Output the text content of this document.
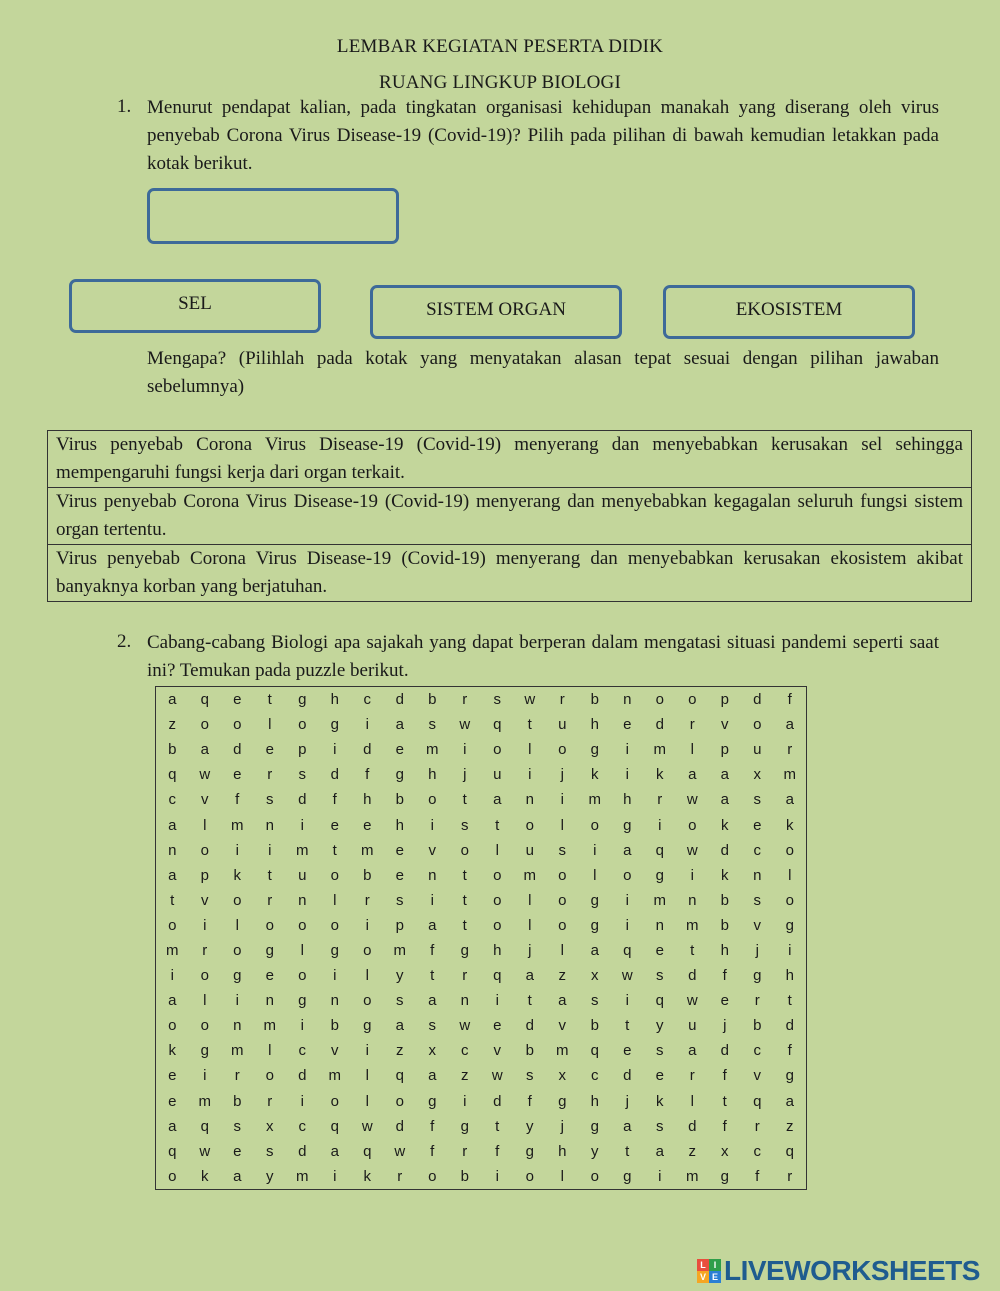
LEMBAR KEGIATAN PESERTA DIDIK
RUANG LINGKUP BIOLOGI
1. Menurut pendapat kalian, pada tingkatan organisasi kehidupan manakah yang diserang oleh virus penyebab Corona Virus Disease-19 (Covid-19)? Pilih pada pilihan di bawah kemudian letakkan pada kotak berikut.
SEL	SISTEM ORGAN	EKOSISTEM
Mengapa? (Pilihlah pada kotak yang menyatakan alasan tepat sesuai dengan pilihan jawaban sebelumnya)
Virus penyebab Corona Virus Disease-19 (Covid-19) menyerang dan menyebabkan kerusakan sel sehingga mempengaruhi fungsi kerja dari organ terkait.
Virus penyebab Corona Virus Disease-19 (Covid-19) menyerang dan menyebabkan kegagalan seluruh fungsi sistem organ tertentu.
Virus penyebab Corona Virus Disease-19 (Covid-19) menyerang dan menyebabkan kerusakan ekosistem akibat banyaknya korban yang berjatuhan.
2. Cabang-cabang Biologi apa sajakah yang dapat berperan dalam mengatasi situasi pandemi seperti saat ini? Temukan pada puzzle berikut.
a	q	e	t	g	h	c	d	b	r	s	w	r	b	n	o	o	p	d	f
z	o	o	l	o	g	i	a	s	w	q	t	u	h	e	d	r	v	o	a
b	a	d	e	p	i	d	e	m	i	o	l	o	g	i	m	l	p	u	r
q	w	e	r	s	d	f	g	h	j	u	i	j	k	i	k	a	a	x	m
c	v	f	s	d	f	h	b	o	t	a	n	i	m	h	r	w	a	s	a
a	l	m	n	i	e	e	h	i	s	t	o	l	o	g	i	o	k	e	k
n	o	i	i	m	t	m	e	v	o	l	u	s	i	a	q	w	d	c	o
a	p	k	t	u	o	b	e	n	t	o	m	o	l	o	g	i	k	n	l
t	v	o	r	n	l	r	s	i	t	o	l	o	g	i	m	n	b	s	o
o	i	l	o	o	o	i	p	a	t	o	l	o	g	i	n	m	b	v	g
m	r	o	g	l	g	o	m	f	g	h	j	l	a	q	e	t	h	j	i
i	o	g	e	o	i	l	y	t	r	q	a	z	x	w	s	d	f	g	h
a	l	i	n	g	n	o	s	a	n	i	t	a	s	i	q	w	e	r	t
o	o	n	m	i	b	g	a	s	w	e	d	v	b	t	y	u	j	b	d
k	g	m	l	c	v	i	z	x	c	v	b	m	q	e	s	a	d	c	f
e	i	r	o	d	m	l	q	a	z	w	s	x	c	d	e	r	f	v	g
e	m	b	r	i	o	l	o	g	i	d	f	g	h	j	k	l	t	q	a
a	q	s	x	c	q	w	d	f	g	t	y	j	g	a	s	d	f	r	z
q	w	e	s	d	a	q	w	f	r	f	g	h	y	t	a	z	x	c	q
o	k	a	y	m	i	k	r	o	b	i	o	l	o	g	i	m	g	f	r
L I
V E LIVEWORKSHEETS
